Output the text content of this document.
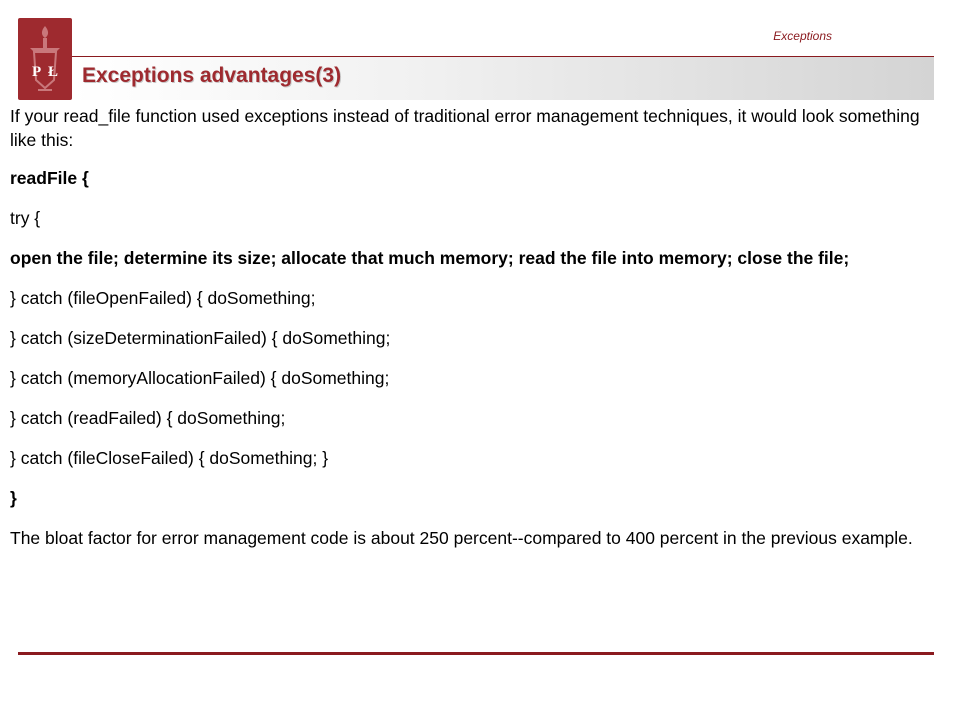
P Ł
Exceptions
Exceptions advantages(3)

If your read_file function used exceptions instead of traditional error management techniques, it would look something like this:

readFile {

try {

open the file; determine its size; allocate that much memory; read the file into memory; close the file;

} catch (fileOpenFailed) { doSomething;

} catch (sizeDeterminationFailed) { doSomething;

} catch (memoryAllocationFailed) { doSomething;

} catch (readFailed) { doSomething;

} catch (fileCloseFailed) { doSomething; }

}

The bloat factor for error management code is about 250 percent--compared to 400 percent in the previous example.
